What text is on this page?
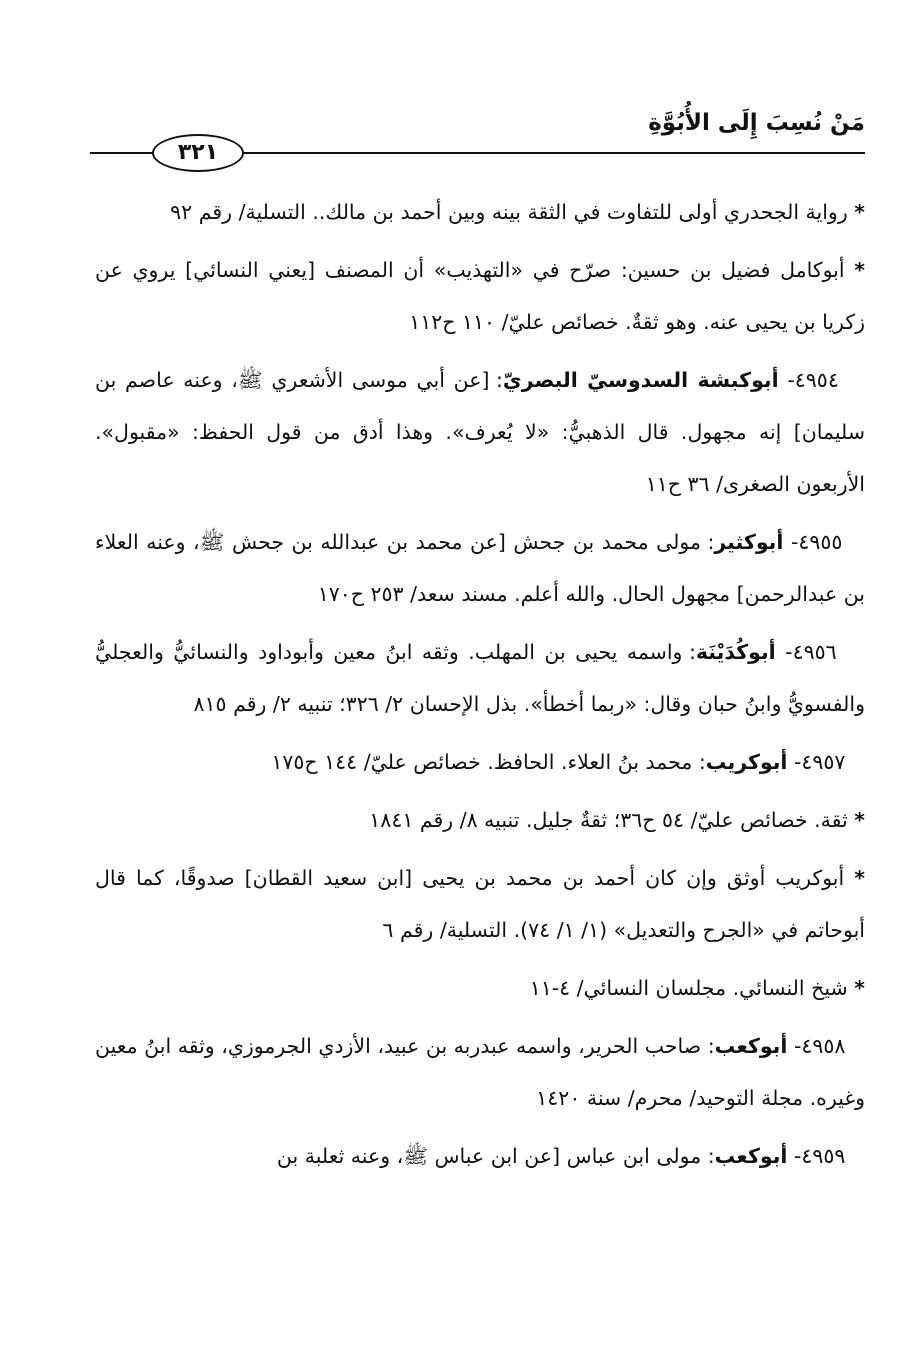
مَنْ نُسِبَ إِلَى الأُبُوَّةِ
٣٢١

* رواية الجحدري أولى للتفاوت في الثقة بينه وبين أحمد بن مالك.. التسلية/ رقم ٩٢

* أبوكامل فضيل بن حسين: صرّح في «التهذيب» أن المصنف [يعني النسائي] يروي عن زكريا بن يحيى عنه. وهو ثقةٌ. خصائص عليّ/ ١١٠ ح١١٢

٤٩٥٤- أبوكبشة السدوسيّ البصريّ: [عن أبي موسى الأشعري ﷺ، وعنه عاصم بن سليمان] إنه مجهول. قال الذهبيُّ: «لا يُعرف». وهذا أدق من قول الحفظ: «مقبول». الأربعون الصغرى/ ٣٦ ح١١

٤٩٥٥- أبوكثير: مولى محمد بن جحش [عن محمد بن عبدالله بن جحش ﷺ، وعنه العلاء بن عبدالرحمن] مجهول الحال. والله أعلم. مسند سعد/ ٢٥٣ ح١٧٠

٤٩٥٦- أبوكُدَيْنَة: واسمه يحيى بن المهلب. وثقه ابنُ معين وأبوداود والنسائيُّ والعجليُّ والفسويُّ وابنُ حبان وقال: «ربما أخطأ». بذل الإحسان ٢/ ٣٢٦؛ تنبيه ٢/ رقم ٨١٥

٤٩٥٧- أبوكريب: محمد بنُ العلاء. الحافظ. خصائص عليّ/ ١٤٤ ح١٧٥

* ثقة. خصائص عليّ/ ٥٤ ح٣٦؛ ثقةٌ جليل. تنبيه ٨/ رقم ١٨٤١

* أبوكريب أوثق وإن كان أحمد بن محمد بن يحيى [ابن سعيد القطان] صدوقًا، كما قال أبوحاتم في «الجرح والتعديل» (١/ ١/ ٧٤). التسلية/ رقم ٦

* شيخ النسائي. مجلسان النسائي/ ٤-١١

٤٩٥٨- أبوكعب: صاحب الحرير، واسمه عبدربه بن عبيد، الأزدي الجرموزي، وثقه ابنُ معين وغيره. مجلة التوحيد/ محرم/ سنة ١٤٢٠

٤٩٥٩- أبوكعب: مولى ابن عباس [عن ابن عباس ﷺ، وعنه ثعلبة بن
